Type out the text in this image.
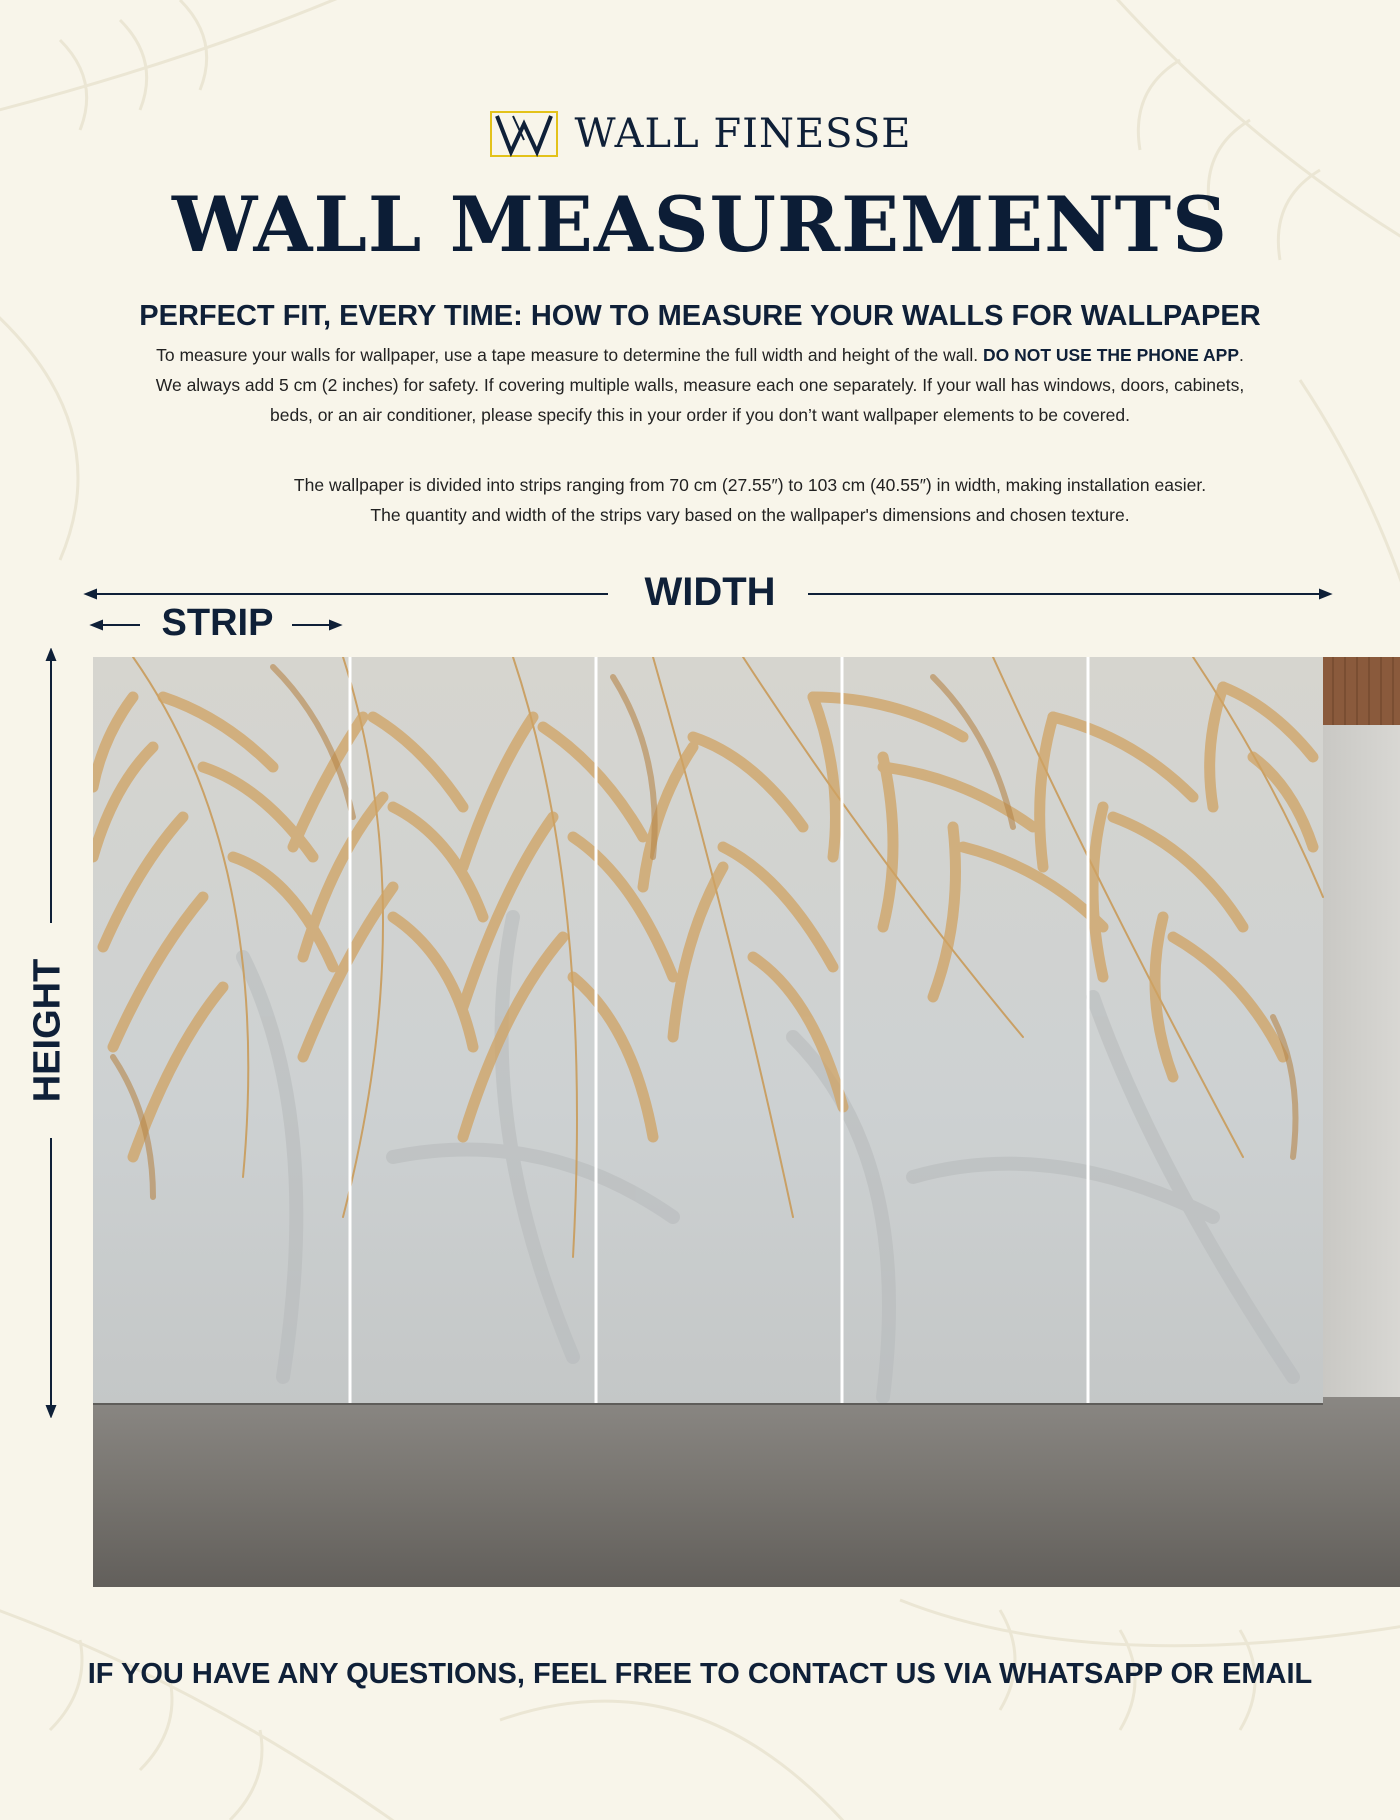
WALL FINESSE
WALL MEASUREMENTS
PERFECT FIT, EVERY TIME: HOW TO MEASURE YOUR WALLS FOR WALLPAPER
To measure your walls for wallpaper, use a tape measure to determine the full width and height of the wall. DO NOT USE THE PHONE APP.
We always add 5 cm (2 inches) for safety. If covering multiple walls, measure each one separately. If your wall has windows, doors, cabinets,
beds, or an air conditioner, please specify this in your order if you don’t want wallpaper elements to be covered.
The wallpaper is divided into strips ranging from 70 cm (27.55″) to 103 cm (40.55″) in width, making installation easier.
The quantity and width of the strips vary based on the wallpaper's dimensions and chosen texture.
WIDTH
STRIP
HEIGHT

IF YOU HAVE ANY QUESTIONS, FEEL FREE TO CONTACT US VIA WHATSAPP OR EMAIL
